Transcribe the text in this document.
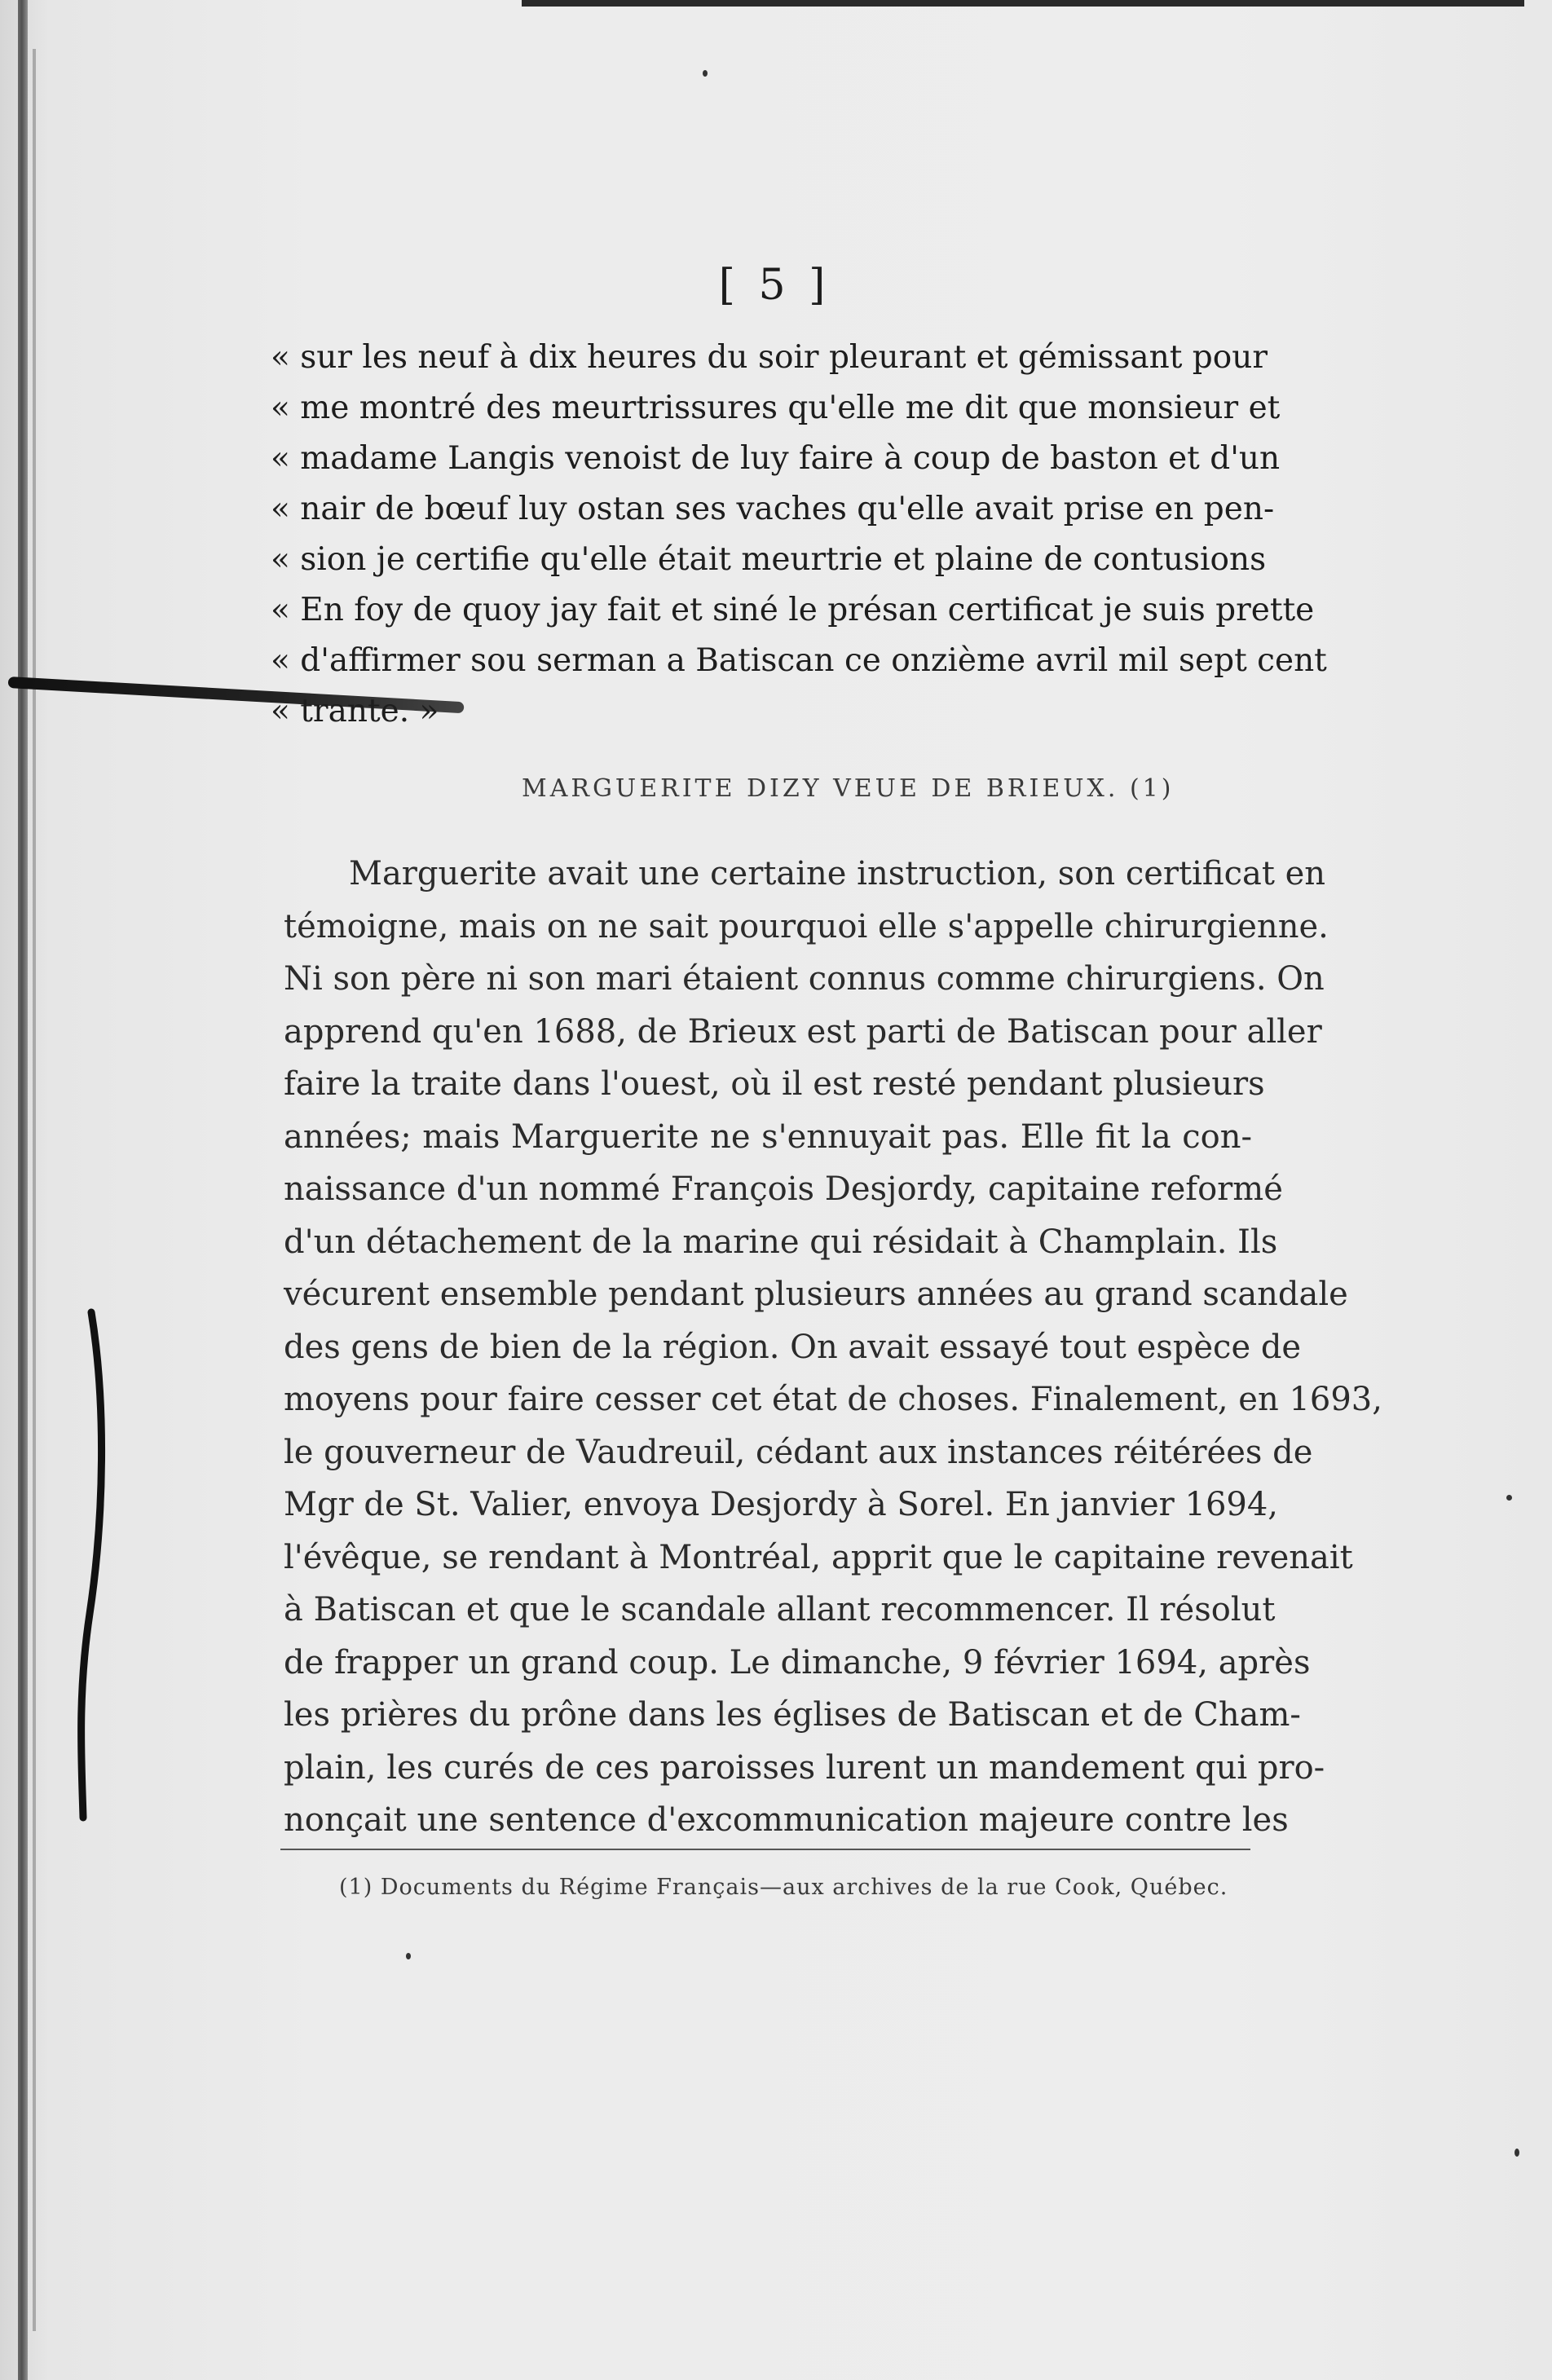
[ 5 ]
« sur les neuf à dix heures du soir pleurant et gémissant pour
« me montré des meurtrissures qu'elle me dit que monsieur et
« madame Langis venoist de luy faire à coup de baston et d'un
« nair de bœuf luy ostan ses vaches qu'elle avait prise en pen-
« sion je certifie qu'elle était meurtrie et plaine de contusions
« En foy de quoy jay fait et siné le présan certificat je suis prette
« d'affirmer sou serman a Batiscan ce onzième avril mil sept cent
« trante. »
MARGUERITE DIZY VEUE DE BRIEUX. (1)
Marguerite avait une certaine instruction, son certificat en
témoigne, mais on ne sait pourquoi elle s'appelle chirurgienne.
Ni son père ni son mari étaient connus comme chirurgiens. On
apprend qu'en 1688, de Brieux est parti de Batiscan pour aller
faire la traite dans l'ouest, où il est resté pendant plusieurs
années; mais Marguerite ne s'ennuyait pas. Elle fit la con-
naissance d'un nommé François Desjordy, capitaine reformé
d'un détachement de la marine qui résidait à Champlain. Ils
vécurent ensemble pendant plusieurs années au grand scandale
des gens de bien de la région. On avait essayé tout espèce de
moyens pour faire cesser cet état de choses. Finalement, en 1693,
le gouverneur de Vaudreuil, cédant aux instances réitérées de
Mgr de St. Valier, envoya Desjordy à Sorel. En janvier 1694,
l'évêque, se rendant à Montréal, apprit que le capitaine revenait
à Batiscan et que le scandale allant recommencer. Il résolut
de frapper un grand coup. Le dimanche, 9 février 1694, après
les prières du prône dans les églises de Batiscan et de Cham-
plain, les curés de ces paroisses lurent un mandement qui pro-
nonçait une sentence d'excommunication majeure contre les
(1) Documents du Régime Français—aux archives de la rue Cook, Québec.
